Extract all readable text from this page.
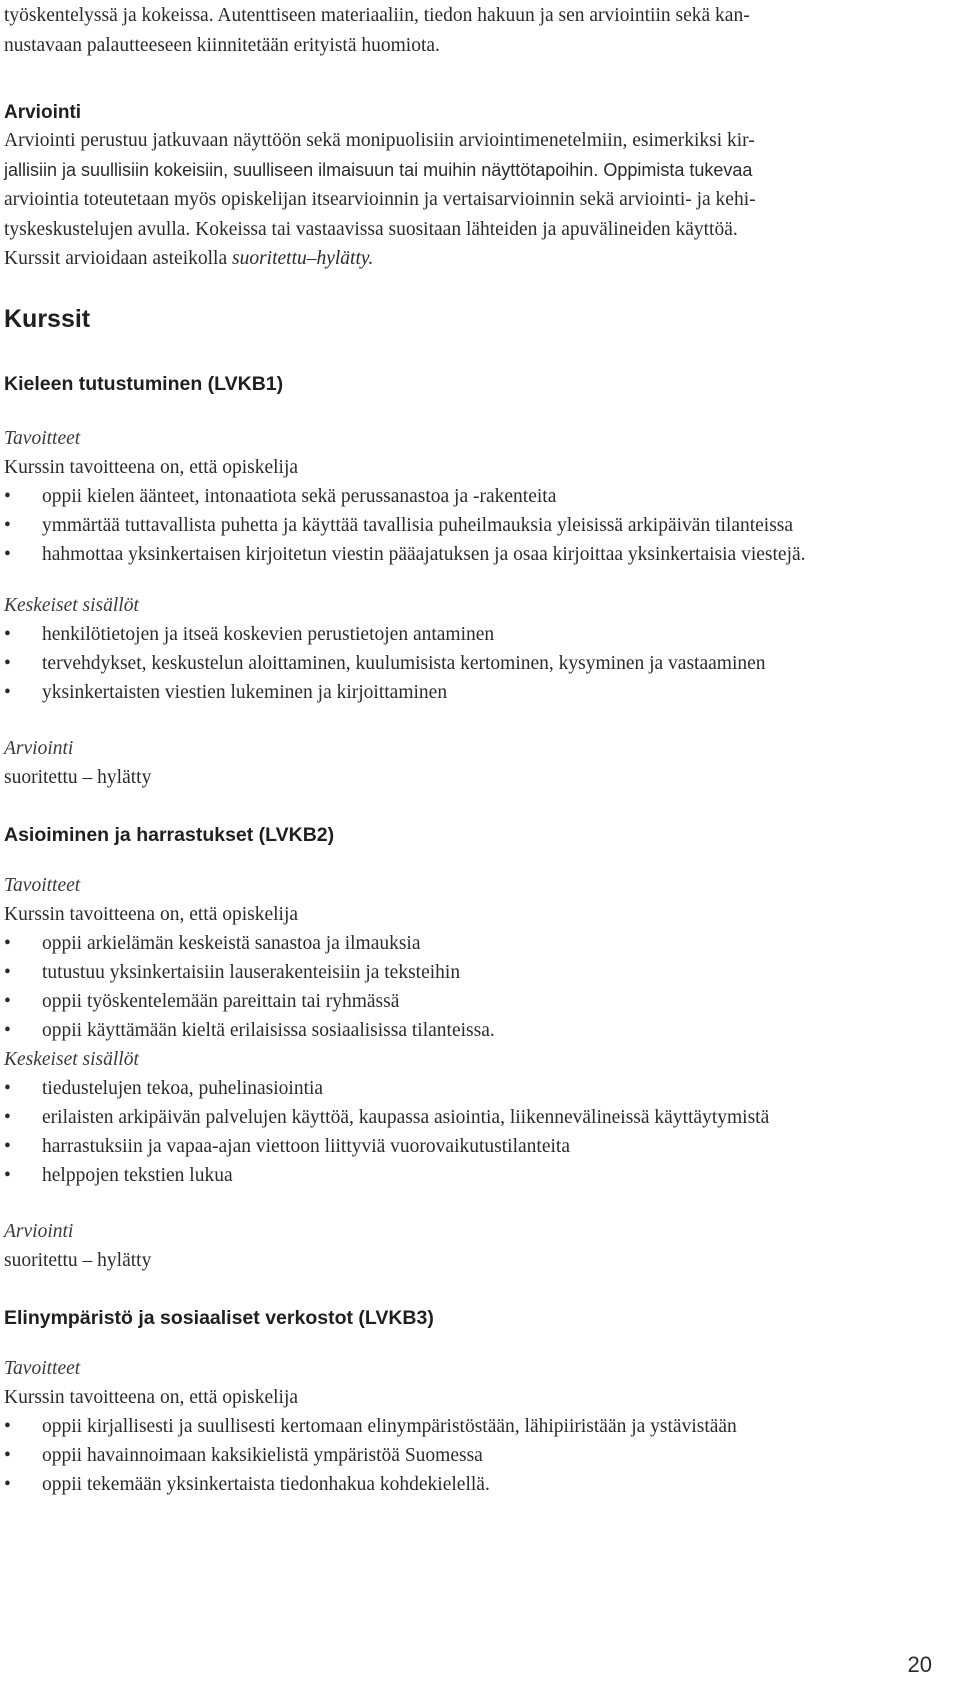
työskentelyssä ja kokeissa. Autenttiseen materiaaliin, tiedon hakuun ja sen arviointiin sekä kan-

nustavaan palautteeseen kiinnitetään erityistä huomiota.

Arviointi

Arviointi perustuu jatkuvaan näyttöön sekä monipuolisiin arviointimenetelmiin, esimerkiksi kir-

jallisiin ja suullisiin kokeisiin, suulliseen ilmaisuun tai muihin näyttötapoihin. Oppimista tukevaa

arviointia toteutetaan myös opiskelijan itsearvioinnin ja vertaisarvioinnin sekä arviointi- ja kehi-

tyskeskustelujen avulla. Kokeissa tai vastaavissa suositaan lähteiden ja apuvälineiden käyttöä.

Kurssit arvioidaan asteikolla suoritettu–hylätty.

Kurssit
Kieleen tutustuminen (LVKB1)

Tavoitteet

Kurssin tavoitteena on, että opiskelija

•	oppii kielen äänteet, intonaatiota sekä perussanastoa ja -rakenteita
•	ymmärtää tuttavallista puhetta ja käyttää tavallisia puheilmauksia yleisissä arkipäivän tilanteissa
•	hahmottaa yksinkertaisen kirjoitetun viestin pääajatuksen ja osaa kirjoittaa yksinkertaisia viestejä.

Keskeiset sisällöt

•	henkilötietojen ja itseä koskevien perustietojen antaminen
•	tervehdykset, keskustelun aloittaminen, kuulumisista kertominen, kysyminen ja vastaaminen
•	yksinkertaisten viestien lukeminen ja kirjoittaminen

Arviointi

suoritettu – hylätty

Asioiminen ja harrastukset (LVKB2)

Tavoitteet

Kurssin tavoitteena on, että opiskelija

•	oppii arkielämän keskeistä sanastoa ja ilmauksia
•	tutustuu yksinkertaisiin lauserakenteisiin ja teksteihin
•	oppii työskentelemään pareittain tai ryhmässä
•	oppii käyttämään kieltä erilaisissa sosiaalisissa tilanteissa.

Keskeiset sisällöt

•	tiedustelujen tekoa, puhelinasiointia
•	erilaisten arkipäivän palvelujen käyttöä, kaupassa asiointia, liikennevälineissä käyttäytymistä
•	harrastuksiin ja vapaa-ajan viettoon liittyviä vuorovaikutustilanteita
•	helppojen tekstien lukua

Arviointi

suoritettu – hylätty

Elinympäristö ja sosiaaliset verkostot (LVKB3)

Tavoitteet

Kurssin tavoitteena on, että opiskelija

•	oppii kirjallisesti ja suullisesti kertomaan elinympäristöstään, lähipiiristään ja ystävistään
•	oppii havainnoimaan kaksikielistä ympäristöä Suomessa
•	oppii tekemään yksinkertaista tiedonhakua kohdekielellä.
20
